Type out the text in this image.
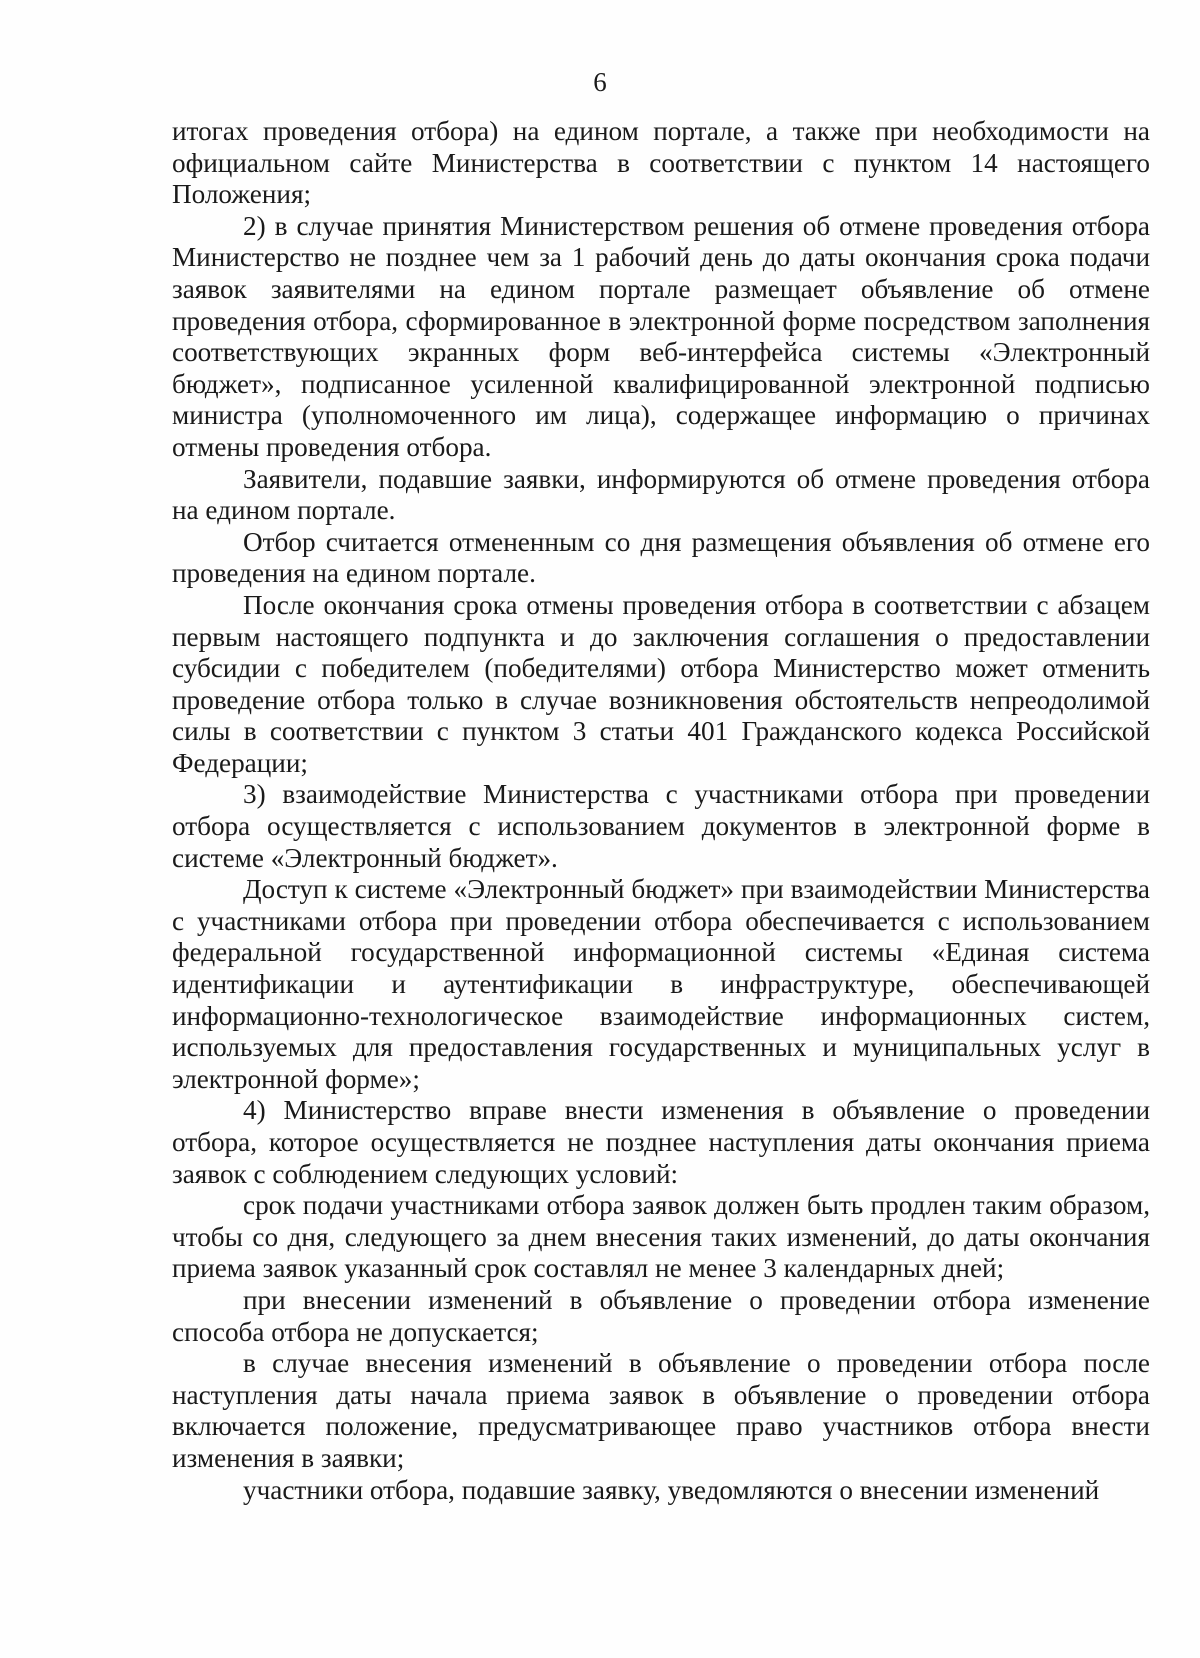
6

итогах проведения отбора) на едином портале, а также при необходимости на официальном сайте Министерства в соответствии с пунктом 14 настоящего Положения;

2) в случае принятия Министерством решения об отмене проведения отбора Министерство не позднее чем за 1 рабочий день до даты окончания срока подачи заявок заявителями на едином портале размещает объявление об отмене проведения отбора, сформированное в электронной форме посредством заполнения соответствующих экранных форм веб-интерфейса системы «Электронный бюджет», подписанное усиленной квалифицированной электронной подписью министра (уполномоченного им лица), содержащее информацию о причинах отмены проведения отбора.

Заявители, подавшие заявки, информируются об отмене проведения отбора на едином портале.

Отбор считается отмененным со дня размещения объявления об отмене его проведения на едином портале.

После окончания срока отмены проведения отбора в соответствии с абзацем первым настоящего подпункта и до заключения соглашения о предоставлении субсидии с победителем (победителями) отбора Министерство может отменить проведение отбора только в случае возникновения обстоятельств непреодолимой силы в соответствии с пунктом 3 статьи 401 Гражданского кодекса Российской Федерации;

3) взаимодействие Министерства с участниками отбора при проведении отбора осуществляется с использованием документов в электронной форме в системе «Электронный бюджет».

Доступ к системе «Электронный бюджет» при взаимодействии Министерства с участниками отбора при проведении отбора обеспечивается с использованием федеральной государственной информационной системы «Единая система идентификации и аутентификации в инфраструктуре, обеспечивающей информационно-технологическое взаимодействие информационных систем, используемых для предоставления государственных и муниципальных услуг в электронной форме»;

4) Министерство вправе внести изменения в объявление о проведении отбора, которое осуществляется не позднее наступления даты окончания приема заявок с соблюдением следующих условий:

срок подачи участниками отбора заявок должен быть продлен таким образом, чтобы со дня, следующего за днем внесения таких изменений, до даты окончания приема заявок указанный срок составлял не менее 3 календарных дней;

при внесении изменений в объявление о проведении отбора изменение способа отбора не допускается;

в случае внесения изменений в объявление о проведении отбора после наступления даты начала приема заявок в объявление о проведении отбора включается положение, предусматривающее право участников отбора внести изменения в заявки;

участники отбора, подавшие заявку, уведомляются о внесении изменений
